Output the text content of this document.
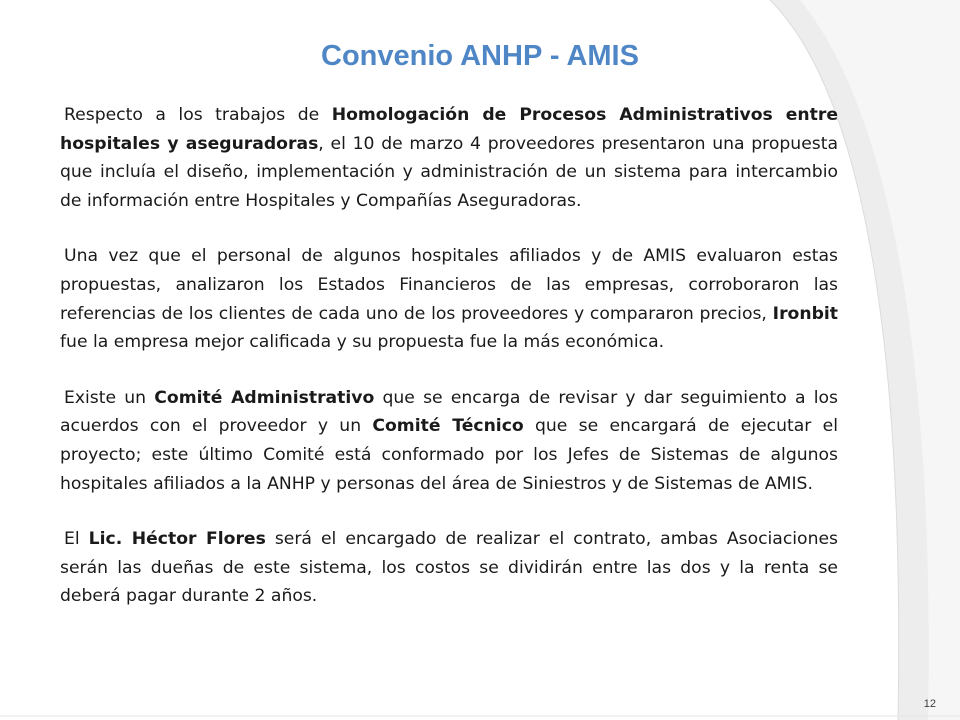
Convenio ANHP - AMIS

Respecto a los trabajos de Homologación de Procesos Administrativos entre hospitales y aseguradoras, el 10 de marzo 4 proveedores presentaron una propuesta que incluía el diseño, implementación y administración de un sistema para intercambio de información entre Hospitales y Compañías Aseguradoras.

Una vez que el personal de algunos hospitales afiliados y de AMIS evaluaron estas propuestas, analizaron los Estados Financieros de las empresas, corroboraron las referencias de los clientes de cada uno de los proveedores y compararon precios, Ironbit fue la empresa mejor calificada y su propuesta fue la más económica.

Existe un Comité Administrativo que se encarga de revisar y dar seguimiento a los acuerdos con el proveedor y un Comité Técnico que se encargará de ejecutar el proyecto; este último Comité está conformado por los Jefes de Sistemas de algunos hospitales afiliados a la ANHP y personas del área de Siniestros y de Sistemas de AMIS.

El Lic. Héctor Flores será el encargado de realizar el contrato, ambas Asociaciones serán las dueñas de este sistema, los costos se dividirán entre las dos y la renta se deberá pagar durante 2 años.

12
